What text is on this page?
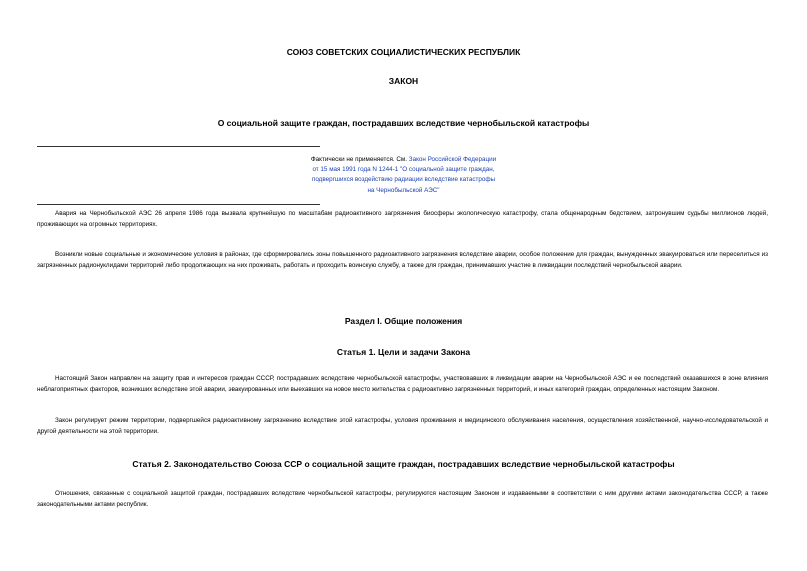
СОЮЗ СОВЕТСКИХ СОЦИАЛИСТИЧЕСКИХ РЕСПУБЛИК
ЗАКОН
О социальной защите граждан, пострадавших вследствие чернобыльской катастрофы
Фактически не применяется. См. Закон Российской Федерации
от 15 мая 1991 года N 1244-1 "О социальной защите граждан,
подвергшихся воздействию радиации вследствие катастрофы
на Чернобыльской АЭС"

Авария на Чернобыльской АЭС 26 апреля 1986 года вызвала крупнейшую по масштабам радиоактивного загрязнения биосферы экологическую катастрофу, стала общенародным бедствием, затронувшим судьбы миллионов людей, проживающих на огромных территориях.

Возникли новые социальные и экономические условия в районах, где сформировались зоны повышенного радиоактивного загрязнения вследствие аварии, особое положение для граждан, вынужденных эвакуироваться или переселиться из загрязненных радионуклидами территорий либо продолжающих на них проживать, работать и проходить воинскую службу, а также для граждан, принимавших участие в ликвидации последствий чернобыльской аварии.

Раздел I. Общие положения
Статья 1. Цели и задачи Закона

Настоящий Закон направлен на защиту прав и интересов граждан СССР, пострадавших вследствие чернобыльской катастрофы, участвовавших в ликвидации аварии на Чернобыльской АЭС и ее последствий оказавшихся в зоне влияния неблагоприятных факторов, возникших вследствие этой аварии, эвакуированных или выехавших на новое место жительства с радиоактивно загрязненных территорий, и иных категорий граждан, определенных настоящим Законом.

Закон регулирует режим территории, подвергшейся радиоактивному загрязнению вследствие этой катастрофы, условия проживания и медицинского обслуживания населения, осуществления хозяйственной, научно-исследовательской и другой деятельности на этой территории.

Статья 2. Законодательство Союза ССР о социальной защите граждан, пострадавших вследствие чернобыльской катастрофы

Отношения, связанные с социальной защитой граждан, пострадавших вследствие чернобыльской катастрофы, регулируются настоящим Законом и издаваемыми в соответствии с ним другими актами законодательства СССР, а также законодательными актами республик.
